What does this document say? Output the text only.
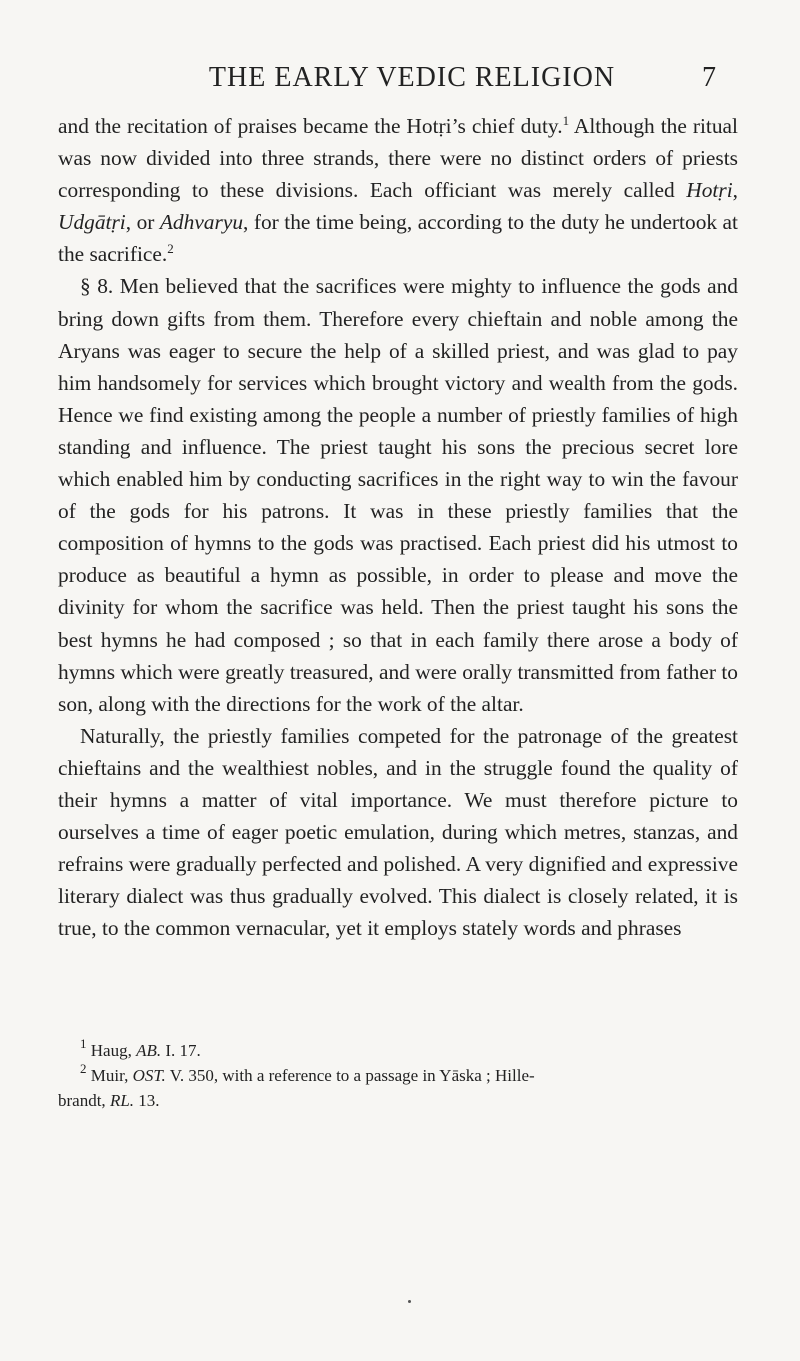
THE EARLY VEDIC RELIGION	7

and the recitation of praises became the Hotṛi’s chief duty.$^1$ Although the ritual was now divided into three strands, there were no distinct orders of priests corresponding to these divisions. Each officiant was merely called Hotṛi, Udgātṛi, or Adhvaryu, for the time being, according to the duty he undertook at the sacrifice.$^2$

§ 8. Men believed that the sacrifices were mighty to influence the gods and bring down gifts from them. Therefore every chieftain and noble among the Aryans was eager to secure the help of a skilled priest, and was glad to pay him handsomely for services which brought victory and wealth from the gods. Hence we find existing among the people a number of priestly families of high standing and influence. The priest taught his sons the precious secret lore which enabled him by conducting sacrifices in the right way to win the favour of the gods for his patrons. It was in these priestly families that the composition of hymns to the gods was practised. Each priest did his utmost to produce as beautiful a hymn as possible, in order to please and move the divinity for whom the sacrifice was held. Then the priest taught his sons the best hymns he had composed ; so that in each family there arose a body of hymns which were greatly treasured, and were orally transmitted from father to son, along with the directions for the work of the altar.

Naturally, the priestly families competed for the patronage of the greatest chieftains and the wealthiest nobles, and in the struggle found the quality of their hymns a matter of vital importance. We must therefore picture to ourselves a time of eager poetic emulation, during which metres, stanzas, and refrains were gradually perfected and polished. A very dignified and expressive literary dialect was thus gradually evolved. This dialect is closely related, it is true, to the common vernacular, yet it employs stately words and phrases

$^1$ Haug, AB. I. 17.

$^2$ Muir, OST. V. 350, with a reference to a passage in Yāska ; Hille-

brandt, RL. 13.
